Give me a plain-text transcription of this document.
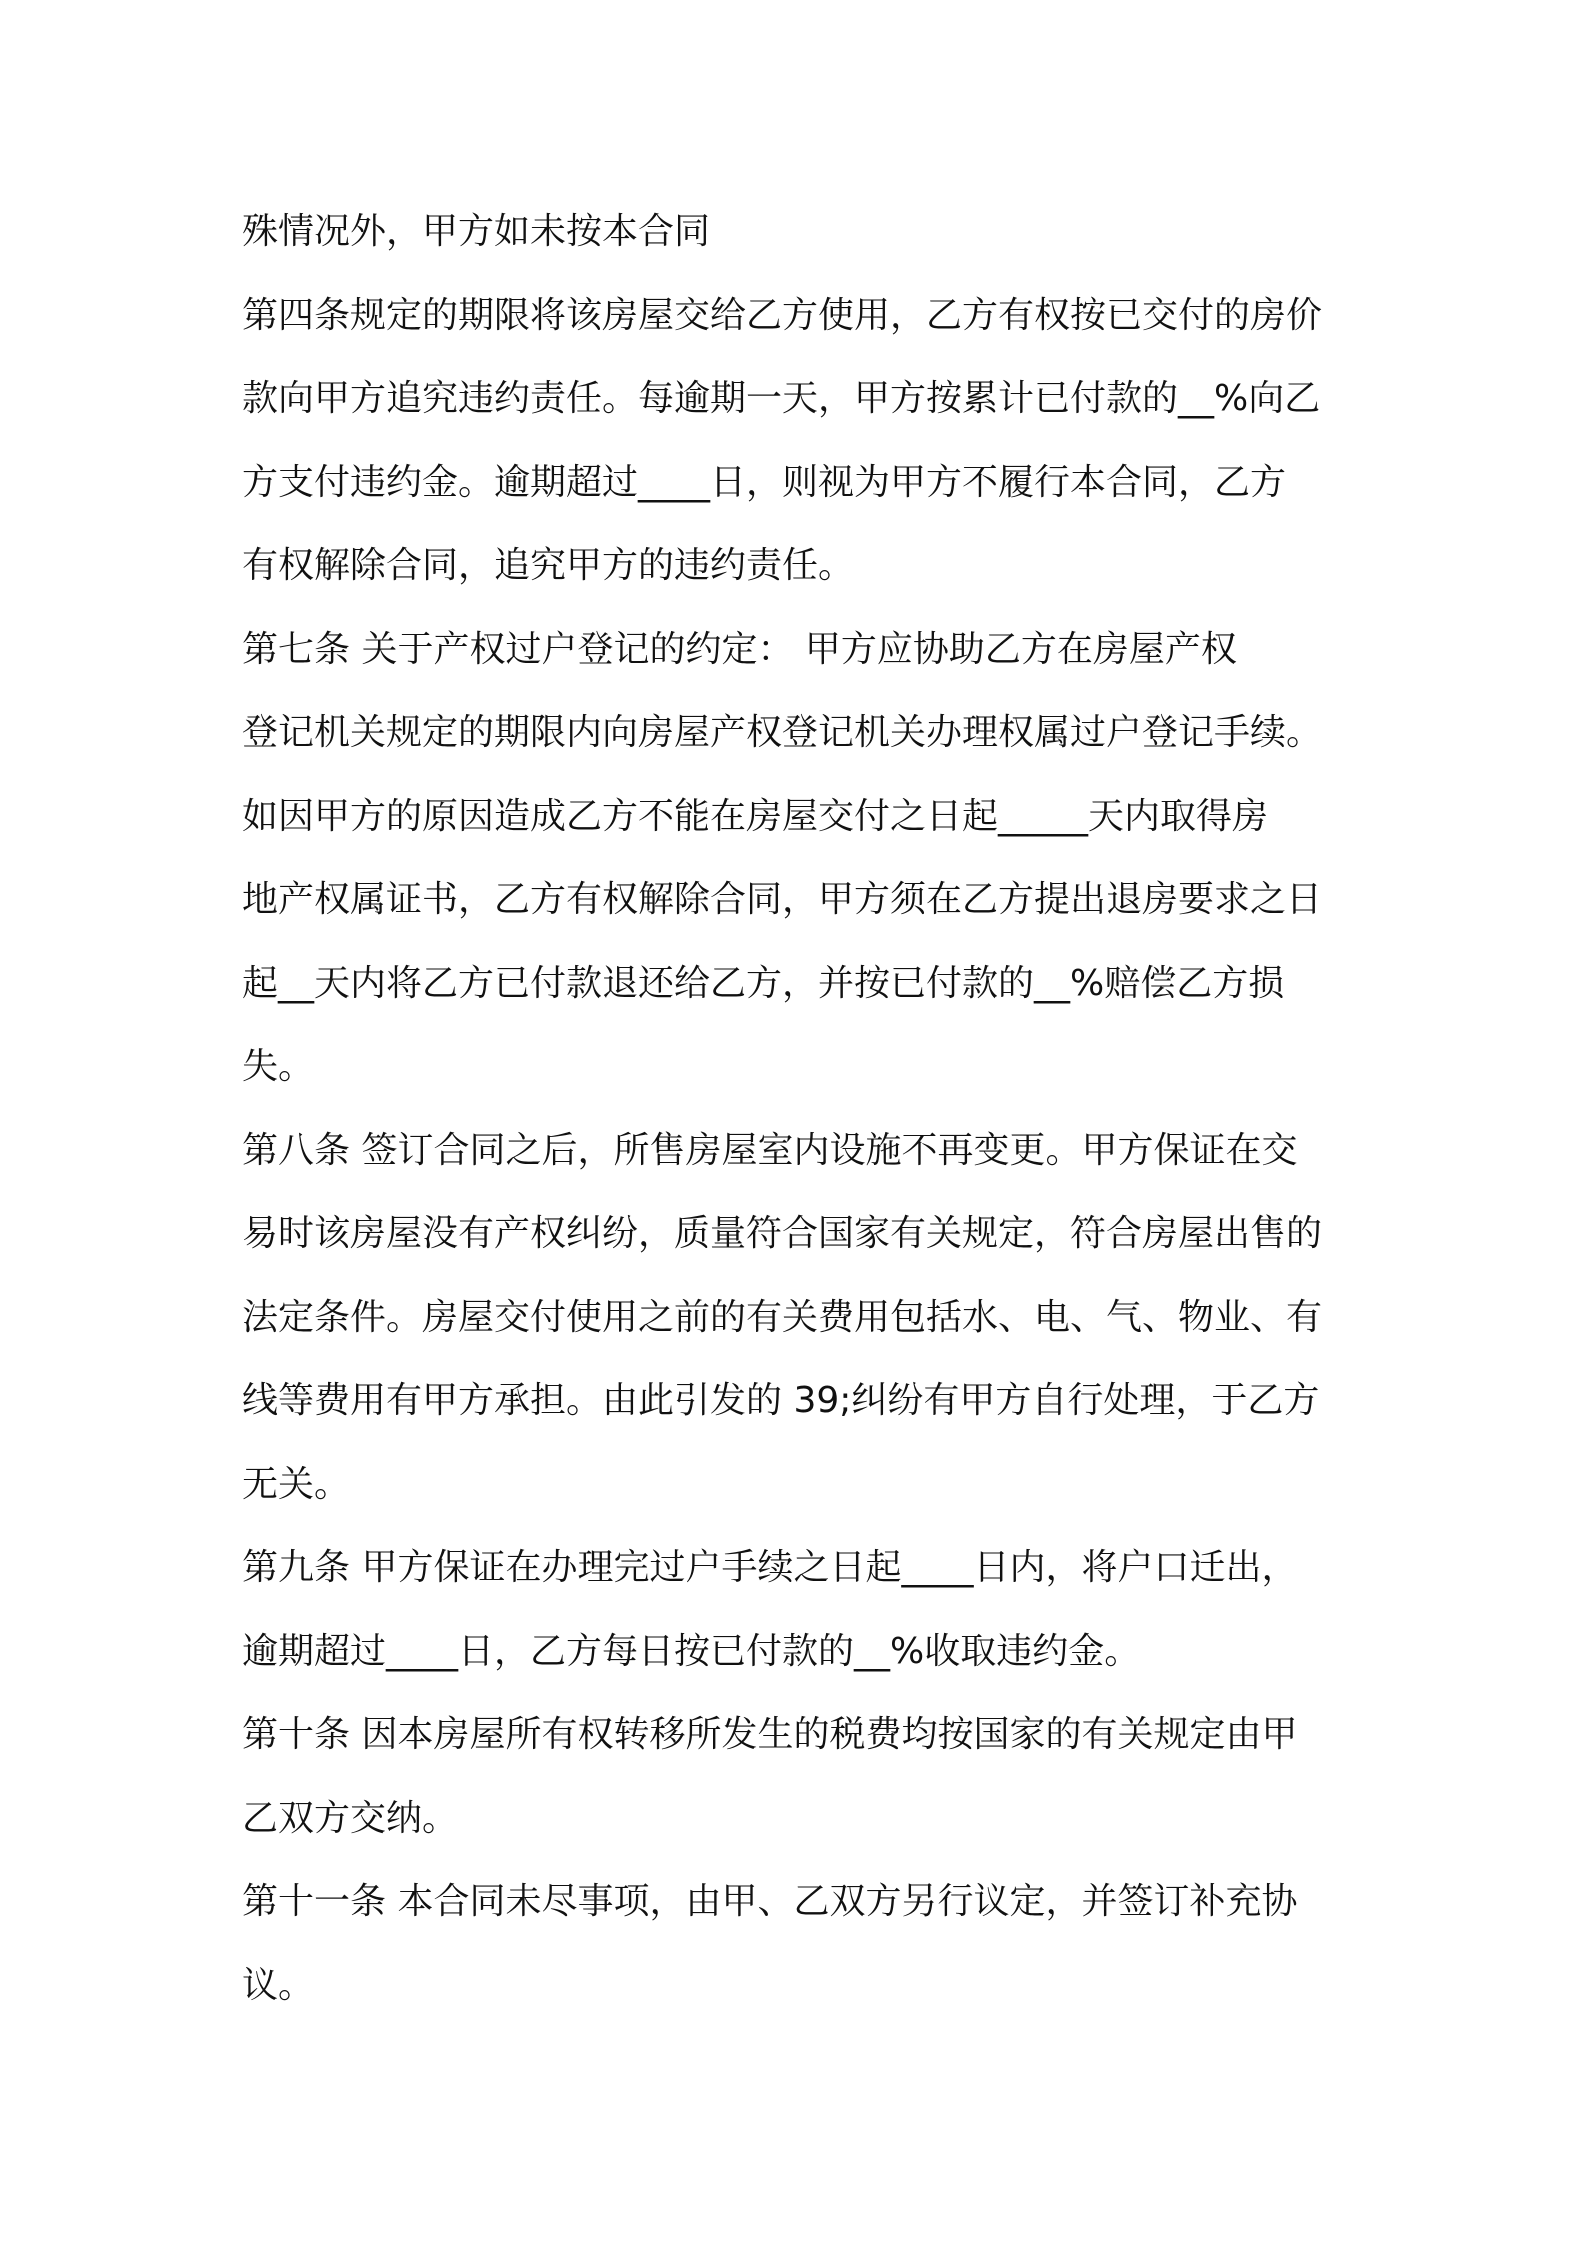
殊情况外，甲方如未按本合同
第四条规定的期限将该房屋交给乙方使用，乙方有权按已交付的房价
款向甲方追究违约责任。每逾期一天，甲方按累计已付款的__%向乙
方支付违约金。逾期超过____日，则视为甲方不履行本合同，乙方
有权解除合同，追究甲方的违约责任。
第七条 关于产权过户登记的约定： 甲方应协助乙方在房屋产权
登记机关规定的期限内向房屋产权登记机关办理权属过户登记手续。
如因甲方的原因造成乙方不能在房屋交付之日起_____天内取得房
地产权属证书，乙方有权解除合同，甲方须在乙方提出退房要求之日
起__天内将乙方已付款退还给乙方，并按已付款的__%赔偿乙方损
失。
第八条 签订合同之后，所售房屋室内设施不再变更。甲方保证在交
易时该房屋没有产权纠纷，质量符合国家有关规定，符合房屋出售的
法定条件。房屋交付使用之前的有关费用包括水、电、气、物业、有
线等费用有甲方承担。由此引发的 39;纠纷有甲方自行处理，于乙方
无关。
第九条 甲方保证在办理完过户手续之日起____日内，将户口迁出，
逾期超过____日，乙方每日按已付款的__%收取违约金。
第十条 因本房屋所有权转移所发生的税费均按国家的有关规定由甲
乙双方交纳。
第十一条 本合同未尽事项，由甲、乙双方另行议定，并签订补充协
议。
